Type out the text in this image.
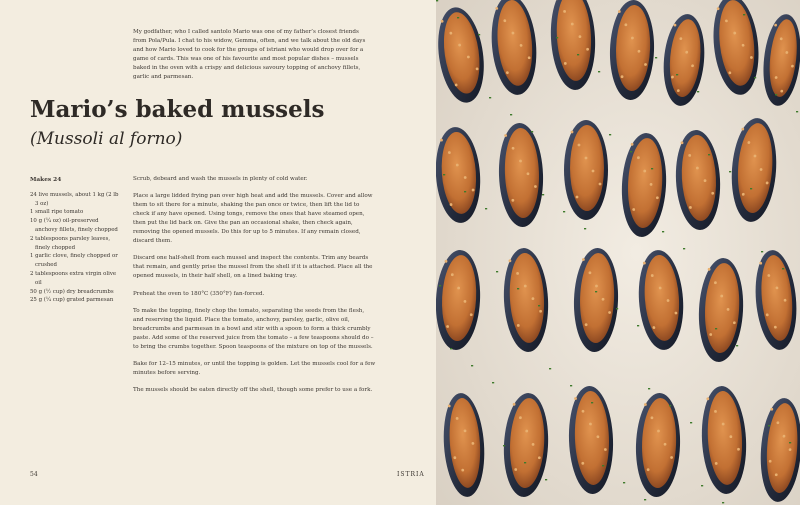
My godfather, who I called santolo Mario was one of my father’s closest friends from Pola/Pula. I chat to his widow, Gemma, often, and we talk about the old days and how Mario loved to cook for the groups of istriani who would drop over for a game of cards. This was one of his favourite and most popular dishes – mussels baked in the oven with a crispy and delicious savoury topping of anchovy fillets, garlic and parmesan.

Mario’s baked mussels
(Mussoli al forno)

Makes 24

24 live mussels, about 1 kg (2 lb 3 oz)
1 small ripe tomato
10 g (¼ oz) oil-preserved anchovy fillets, finely chopped
2 tablespoons parsley leaves, finely chopped
1 garlic clove, finely chopped or crushed
2 tablespoons extra virgin olive oil
50 g (½ cup) dry breadcrumbs
25 g (¼ cup) grated parmesan

Scrub, debeard and wash the mussels in plenty of cold water.

Place a large lidded frying pan over high heat and add the mussels. Cover and allow them to sit there for a minute, shaking the pan once or twice, then lift the lid to check if any have opened. Using tongs, remove the ones that have steamed open, then put the lid back on. Give the pan an occasional shake, then check again, removing the opened mussels. Do this for up to 5 minutes. If any remain closed, discard them.

Discard one half-shell from each mussel and inspect the contents. Trim any beards that remain, and gently prise the mussel from the shell if it is attached. Place all the opened mussels, in their half shell, on a lined baking tray.

Preheat the oven to 180°C (350°F) fan-forced.

To make the topping, finely chop the tomato, separating the seeds from the flesh, and reserving the liquid. Place the tomato, anchovy, parsley, garlic, olive oil, breadcrumbs and parmesan in a bowl and stir with a spoon to form a thick crumbly paste. Add some of the reserved juice from the tomato – a few teaspoons should do – to bring the crumbs together. Spoon teaspoons of the mixture on top of the mussels.

Bake for 12–15 minutes, or until the topping is golden. Let the mussels cool for a few minutes before serving.

The mussels should be eaten directly off the shell, though some prefer to use a fork.

54	ISTRIA
